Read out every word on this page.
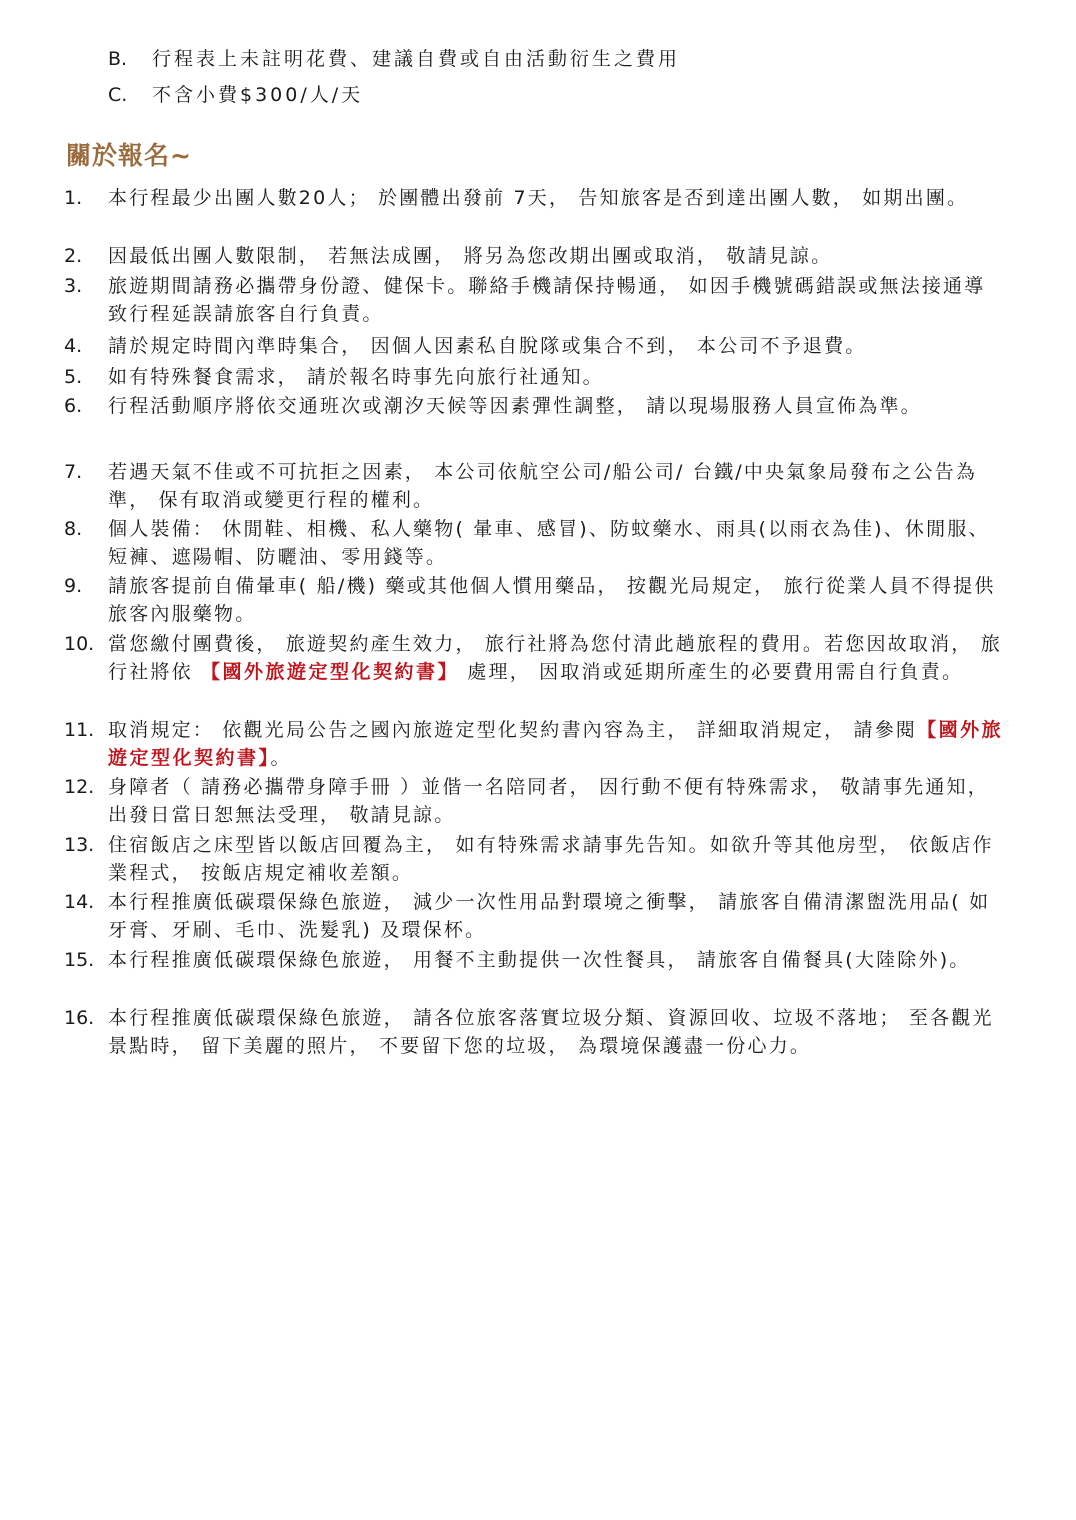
B. 行程表上未註明花費、建議自費或自由活動衍生之費用
C. 不含小費$300/人/天
關於報名~
1.	本行程最少出團人數20人； 於團體出發前 7天， 告知旅客是否到達出團人數， 如期出團。
2.	因最低出團人數限制， 若無法成團， 將另為您改期出團或取消， 敬請見諒。
3.	旅遊期間請務必攜帶身份證、健保卡。聯絡手機請保持暢通， 如因手機號碼錯誤或無法接通導致行程延誤請旅客自行負責。
4.	請於規定時間內準時集合， 因個人因素私自脫隊或集合不到， 本公司不予退費。
5.	如有特殊餐食需求， 請於報名時事先向旅行社通知。
6.	行程活動順序將依交通班次或潮汐天候等因素彈性調整， 請以現場服務人員宣佈為準。
7.	若遇天氣不佳或不可抗拒之因素， 本公司依航空公司/船公司/ 台鐵/中央氣象局發布之公告為準， 保有取消或變更行程的權利。
8.	個人裝備： 休閒鞋、相機、私人藥物( 暈車、感冒)、防蚊藥水、雨具(以雨衣為佳)、休閒服、短褲、遮陽帽、防曬油、零用錢等。
9.	請旅客提前自備暈車( 船/機) 藥或其他個人慣用藥品， 按觀光局規定， 旅行從業人員不得提供旅客內服藥物。
10. 當您繳付團費後， 旅遊契約產生效力， 旅行社將為您付清此趟旅程的費用。若您因故取消， 旅行社將依 【國外旅遊定型化契約書】 處理， 因取消或延期所產生的必要費用需自行負責。
11. 取消規定： 依觀光局公告之國內旅遊定型化契約書內容為主， 詳細取消規定， 請參閱【國外旅遊定型化契約書】。
12. 身障者（ 請務必攜帶身障手冊 ）並偕一名陪同者， 因行動不便有特殊需求， 敬請事先通知， 出發日當日恕無法受理， 敬請見諒。
13. 住宿飯店之床型皆以飯店回覆為主， 如有特殊需求請事先告知。如欲升等其他房型， 依飯店作業程式， 按飯店規定補收差額。
14. 本行程推廣低碳環保綠色旅遊， 減少一次性用品對環境之衝擊， 請旅客自備清潔盥洗用品( 如牙膏、牙刷、毛巾、洗髮乳) 及環保杯。
15. 本行程推廣低碳環保綠色旅遊， 用餐不主動提供一次性餐具， 請旅客自備餐具(大陸除外)。
16. 本行程推廣低碳環保綠色旅遊， 請各位旅客落實垃圾分類、資源回收、垃圾不落地； 至各觀光景點時， 留下美麗的照片， 不要留下您的垃圾， 為環境保護盡一份心力。
